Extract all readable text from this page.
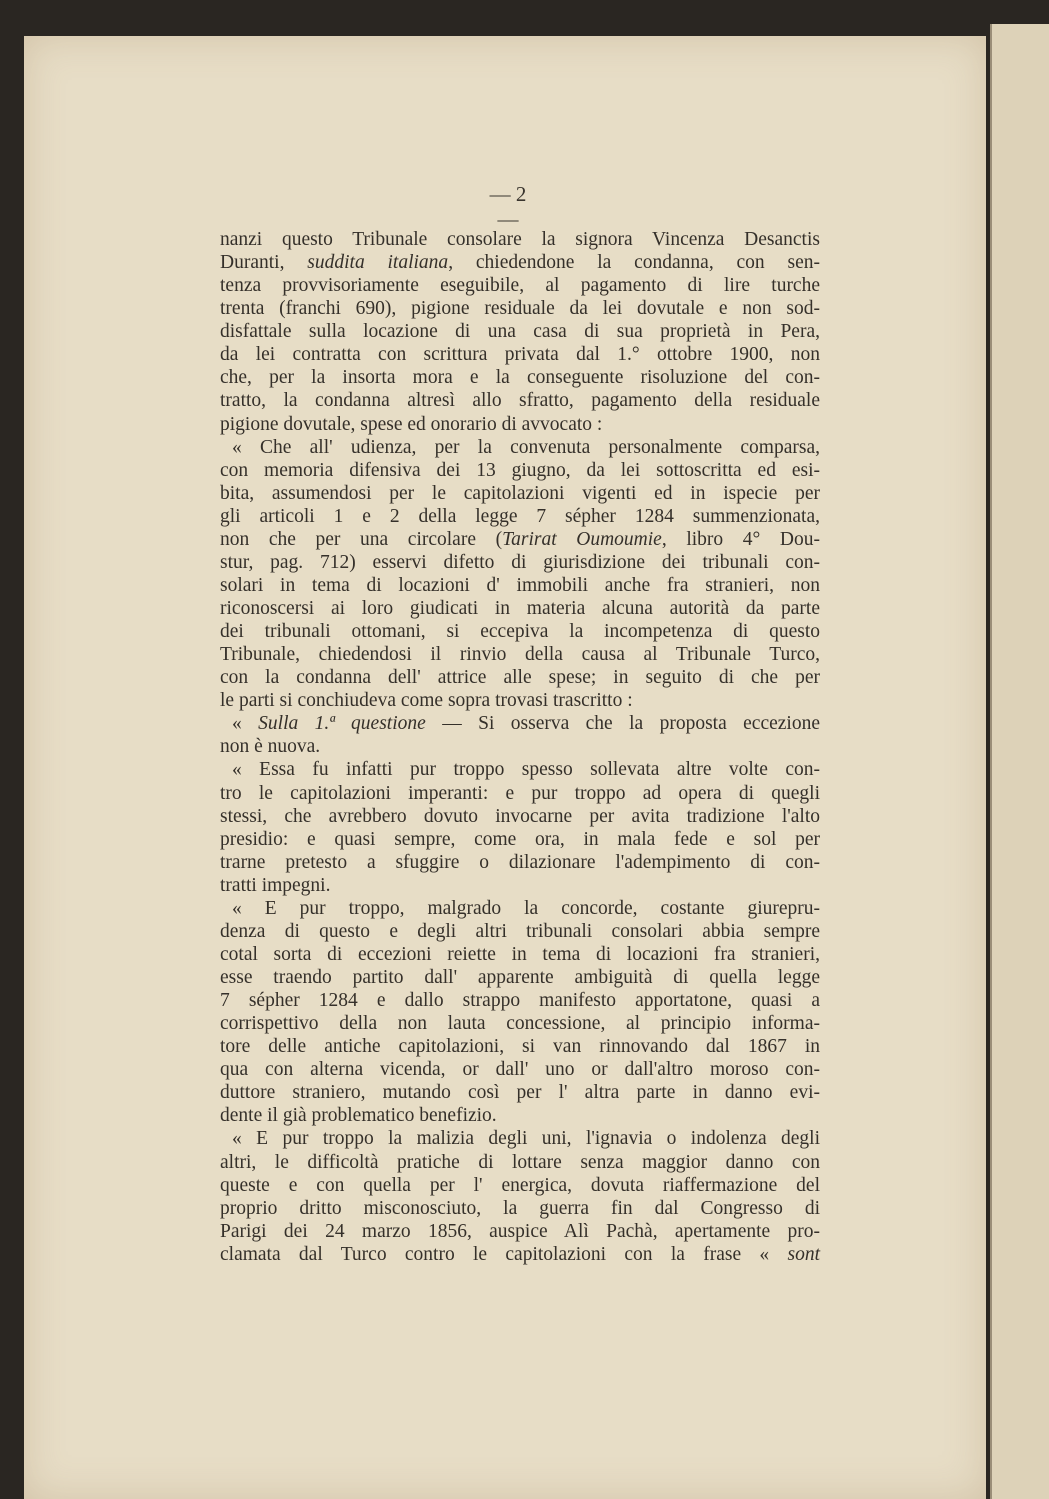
— 2 —
nanzi questo Tribunale consolare la signora Vincenza Desanctis
Duranti, suddita italiana, chiedendone la condanna, con sen-
tenza provvisoriamente eseguibile, al pagamento di lire turche
trenta (franchi 690), pigione residuale da lei dovutale e non sod-
disfattale sulla locazione di una casa di sua proprietà in Pera,
da lei contratta con scrittura privata dal 1.° ottobre 1900, non
che, per la insorta mora e la conseguente risoluzione del con-
tratto, la condanna altresì allo sfratto, pagamento della residuale
pigione dovutale, spese ed onorario di avvocato :
« Che all' udienza, per la convenuta personalmente comparsa,
con memoria difensiva dei 13 giugno, da lei sottoscritta ed esi-
bita, assumendosi per le capitolazioni vigenti ed in ispecie per
gli articoli 1 e 2 della legge 7 sépher 1284 summenzionata,
non che per una circolare (Tarirat Oumoumie, libro 4° Dou-
stur, pag. 712) esservi difetto di giurisdizione dei tribunali con-
solari in tema di locazioni d' immobili anche fra stranieri, non
riconoscersi ai loro giudicati in materia alcuna autorità da parte
dei tribunali ottomani, si eccepiva la incompetenza di questo
Tribunale, chiedendosi il rinvio della causa al Tribunale Turco,
con la condanna dell' attrice alle spese; in seguito di che per
le parti si conchiudeva come sopra trovasi trascritto :
« Sulla 1.ª questione — Si osserva che la proposta eccezione
non è nuova.
« Essa fu infatti pur troppo spesso sollevata altre volte con-
tro le capitolazioni imperanti: e pur troppo ad opera di quegli
stessi, che avrebbero dovuto invocarne per avita tradizione l'alto
presidio: e quasi sempre, come ora, in mala fede e sol per
trarne pretesto a sfuggire o dilazionare l'adempimento di con-
tratti impegni.
« E pur troppo, malgrado la concorde, costante giurepru-
denza di questo e degli altri tribunali consolari abbia sempre
cotal sorta di eccezioni reiette in tema di locazioni fra stranieri,
esse traendo partito dall' apparente ambiguità di quella legge
7 sépher 1284 e dallo strappo manifesto apportatone, quasi a
corrispettivo della non lauta concessione, al principio informa-
tore delle antiche capitolazioni, si van rinnovando dal 1867 in
qua con alterna vicenda, or dall' uno or dall'altro moroso con-
duttore straniero, mutando così per l' altra parte in danno evi-
dente il già problematico benefizio.
« E pur troppo la malizia degli uni, l'ignavia o indolenza degli
altri, le difficoltà pratiche di lottare senza maggior danno con
queste e con quella per l' energica, dovuta riaffermazione del
proprio dritto misconosciuto, la guerra fin dal Congresso di
Parigi dei 24 marzo 1856, auspice Alì Pachà, apertamente pro-
clamata dal Turco contro le capitolazioni con la frase « sont
